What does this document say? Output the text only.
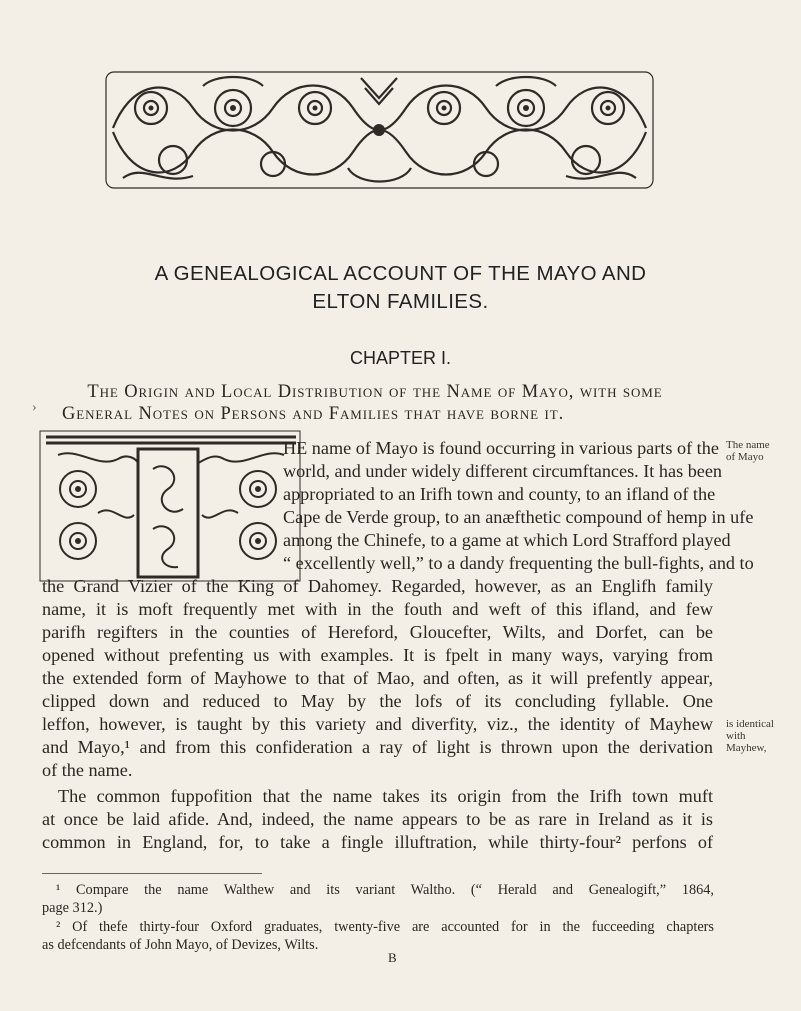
A GENEALOGICAL ACCOUNT OF THE MAYO AND
ELTON FAMILIES.
CHAPTER I.
The Origin and Local Distribution of the Name of Mayo, with some
General Notes on Persons and Families that have borne it.
›
HE name of Mayo is found occurring in various parts of the
world, and under widely different circumftances. It has been
appropriated to an Irifh town and county, to an ifland of the
Cape de Verde group, to an anæfthetic compound of hemp in ufe
among the Chinefe, to a game at which Lord Strafford played
“ excellently well,” to a dandy frequenting the bull-fights, and to
the Grand Vizier of the King of Dahomey. Regarded, however, as an Englifh family
name, it is moft frequently met with in the fouth and weft of this ifland, and few
parifh regifters in the counties of Hereford, Gloucefter, Wilts, and Dorfet, can be
opened without prefenting us with examples. It is fpelt in many ways, varying from
the extended form of Mayhowe to that of Mao, and often, as it will prefently appear,
clipped down and reduced to May by the lofs of its concluding fyllable. One
leffon, however, is taught by this variety and diverfity, viz., the identity of Mayhew
and Mayo,¹ and from this confideration a ray of light is thrown upon the derivation
of the name.
The common fuppofition that the name takes its origin from the Irifh town muft
at once be laid afide. And, indeed, the name appears to be as rare in Ireland as it is
common in England, for, to take a fingle illuftration, while thirty-four² perfons of
The name
of Mayo
is identical
with
Mayhew,
¹ Compare the name Walthew and its variant Waltho. (“ Herald and Genealogift,” 1864,
page 312.)
² Of thefe thirty-four Oxford graduates, twenty-five are accounted for in the fucceeding chapters
as defcendants of John Mayo, of Devizes, Wilts.
B
